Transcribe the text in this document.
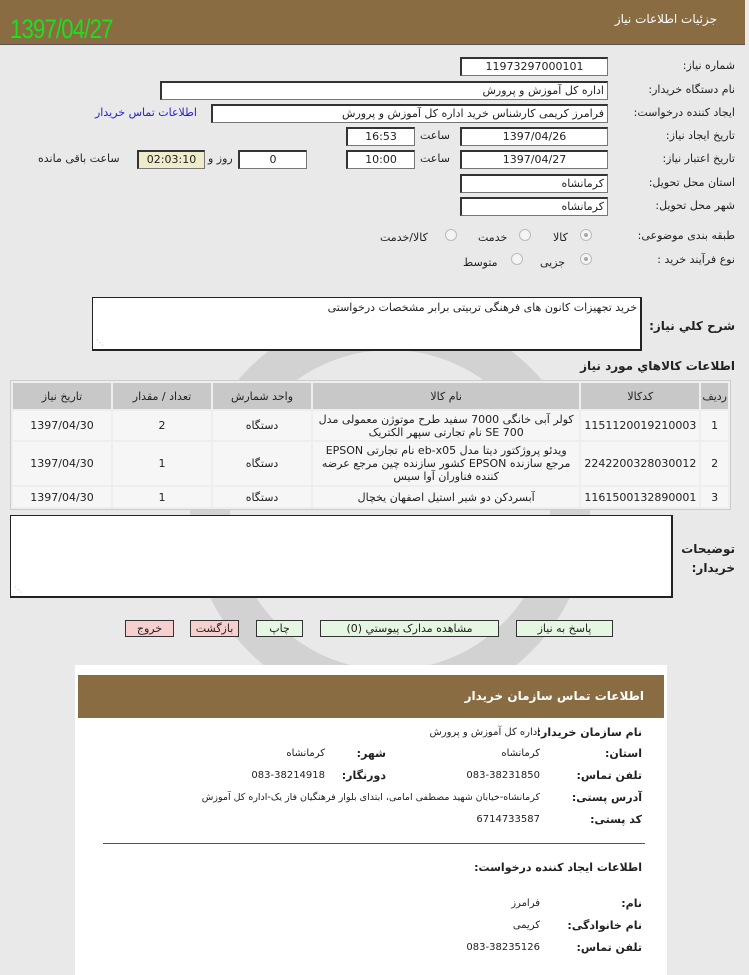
جزئیات اطلاعات نیاز
1397/04/27
شماره نیاز:
11973297000101
نام دستگاه خریدار:
اداره کل آموزش و پرورش
ایجاد کننده درخواست:
فرامرز کریمی کارشناس خرید اداره کل آموزش و پرورش
اطلاعات تماس خریدار
تاریخ ایجاد نیاز:
1397/04/26
ساعت
16:53
تاریخ اعتبار نیاز:
1397/04/27
ساعت
10:00
0
روز و
02:03:10
ساعت باقی مانده
استان محل تحویل:
کرمانشاه
شهر محل تحویل:
کرمانشاه
طبقه بندی موضوعی:
کالا
خدمت
کالا/خدمت
نوع فرآیند خرید :
جزیی
متوسط
خرید تجهیزات کانون های فرهنگی تربیتی برابر مشخصات درخواستی
⋰
شرح کلي نياز:
اطلاعات کالاهاي مورد نياز
ردیف	کدکالا	نام کالا	واحد شمارش	تعداد / مقدار	تاریخ نیاز
1	1151120019210003	کولر آبی خانگی 7000 سفید طرح موتوژن معمولی مدل SE 700 نام تجارتی سپهر الکتریک	دستگاه	2	1397/04/30
2	2242200328030012	ویدئو پروژکتور دیتا مدل eb-x05 نام تجارتی EPSON مرجع سازنده EPSON کشور سازنده چین مرجع عرضه کننده فناوران آوا سیس	دستگاه	1	1397/04/30
3	1161500132890001	آبسردکن دو شیر استیل اصفهان یخچال	دستگاه	1	1397/04/30
⋰
توضیحات خریدار:
پاسخ به نیاز
مشاهده مدارک پیوستي (0)
چاپ
بازگشت
خروج
اطلاعات تماس سازمان خریدار
نام سازمان خریدار:
اداره کل آموزش و پرورش
استان:
کرمانشاه
شهر:
کرمانشاه
تلفن تماس:
083-38231850
دورنگار:
083-38214918
آدرس پستی:
کرمانشاه-خیابان شهید مصطفی امامی، ابتدای بلوار فرهنگیان فاز یک-اداره کل آموزش
کد پستی:
6714733587
اطلاعات ایجاد کننده درخواست:
نام:
فرامرز
نام خانوادگی:
کریمی
تلفن تماس:
083-38235126
